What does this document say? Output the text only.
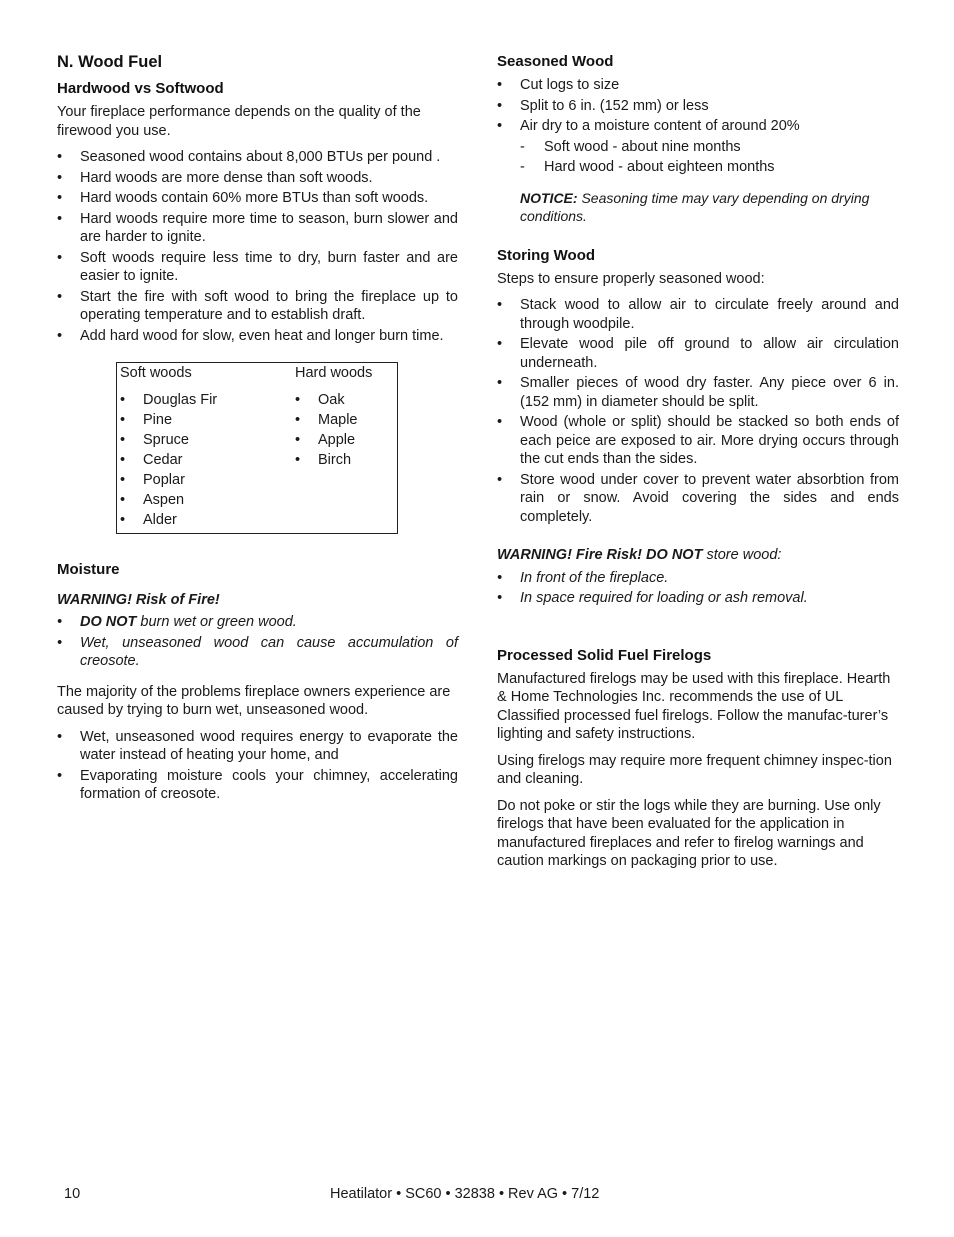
N. Wood Fuel
Hardwood vs Softwood

Your fireplace performance depends on the quality of the firewood you use.

• Seasoned wood contains about 8,000 BTUs per pound .
• Hard woods are more dense than soft woods.
• Hard woods contain 60% more BTUs than soft woods.
• Hard woods require more time to season, burn slower and are harder to ignite.
• Soft woods require less time to dry, burn faster and are easier to ignite.
• Start the fire with soft wood to bring the fireplace up to operating temperature and to establish draft.
• Add hard wood for slow, even heat and longer burn time.
Soft woods
• Douglas Fir
• Pine
• Spruce
• Cedar
• Poplar
• Aspen
• Alder
Hard woods
• Oak
• Maple
• Apple
• Birch
Moisture

WARNING! Risk of Fire!

• DO NOT burn wet or green wood.
• Wet, unseasoned wood can cause accumulation of creosote.

The majority of the problems fireplace owners experience are caused by trying to burn wet, unseasoned wood.

• Wet, unseasoned wood requires energy to evaporate the water instead of heating your home, and
• Evaporating moisture cools your chimney, accelerating formation of creosote.
Seasoned Wood
• Cut logs to size
• Split to 6 in. (152 mm) or less
• Air dry to a moisture content of around 20%
- Soft wood - about nine months
- Hard wood - about eighteen months

NOTICE: Seasoning time may vary depending on drying conditions.

Storing Wood

Steps to ensure properly seasoned wood:

• Stack wood to allow air to circulate freely around and through woodpile.
• Elevate wood pile off ground to allow air circulation underneath.
• Smaller pieces of wood dry faster. Any piece over 6 in. (152 mm) in diameter should be split.
• Wood (whole or split) should be stacked so both ends of each peice are exposed to air. More drying occurs through the cut ends than the sides.
• Store wood under cover to prevent water absorbtion from rain or snow. Avoid covering the sides and ends completely.

WARNING! Fire Risk! DO NOT store wood:

• In front of the fireplace.
• In space required for loading or ash removal.
Processed Solid Fuel Firelogs

Manufactured firelogs may be used with this fireplace. Hearth & Home Technologies Inc. recommends the use of UL Classified processed fuel firelogs. Follow the manufac-turer’s lighting and safety instructions.

Using firelogs may require more frequent chimney inspec-tion and cleaning.

Do not poke or stir the logs while they are burning. Use only firelogs that have been evaluated for the application in manufactured fireplaces and refer to firelog warnings and caution markings on packaging prior to use.

10	Heatilator • SC60 • 32838 • Rev AG • 7/12
